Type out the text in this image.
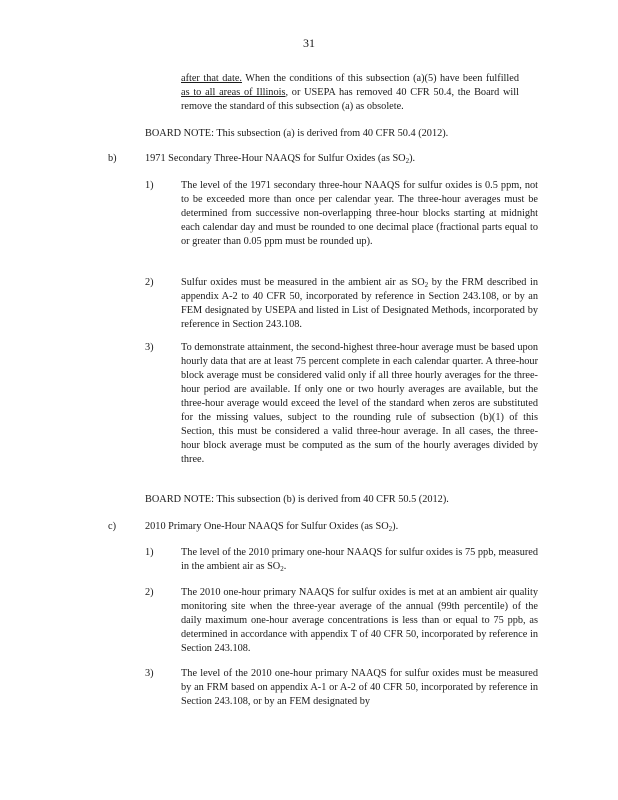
31
after that date. When the conditions of this subsection (a)(5) have been fulfilled as to all areas of Illinois, or USEPA has removed 40 CFR 50.4, the Board will remove the standard of this subsection (a) as obsolete.
BOARD NOTE: This subsection (a) is derived from 40 CFR 50.4 (2012).
b)	1971 Secondary Three-Hour NAAQS for Sulfur Oxides (as $SO_2$).
1)	The level of the 1971 secondary three-hour NAAQS for sulfur oxides is 0.5 ppm, not to be exceeded more than once per calendar year. The three-hour averages must be determined from successive non-overlapping three-hour blocks starting at midnight each calendar day and must be rounded to one decimal place (fractional parts equal to or greater than 0.05 ppm must be rounded up).
2)	Sulfur oxides must be measured in the ambient air as $SO_2$ by the FRM described in appendix A-2 to 40 CFR 50, incorporated by reference in Section 243.108, or by an FEM designated by USEPA and listed in List of Designated Methods, incorporated by reference in Section 243.108.
3)	To demonstrate attainment, the second-highest three-hour average must be based upon hourly data that are at least 75 percent complete in each calendar quarter. A three-hour block average must be considered valid only if all three hourly averages for the three-hour period are available. If only one or two hourly averages are available, but the three-hour average would exceed the level of the standard when zeros are substituted for the missing values, subject to the rounding rule of subsection (b)(1) of this Section, this must be considered a valid three-hour average. In all cases, the three-hour block average must be computed as the sum of the hourly averages divided by three.
BOARD NOTE: This subsection (b) is derived from 40 CFR 50.5 (2012).
c)	2010 Primary One-Hour NAAQS for Sulfur Oxides (as $SO_2$).
1)	The level of the 2010 primary one-hour NAAQS for sulfur oxides is 75 ppb, measured in the ambient air as $SO_2$.
2)	The 2010 one-hour primary NAAQS for sulfur oxides is met at an ambient air quality monitoring site when the three-year average of the annual (99th percentile) of the daily maximum one-hour average concentrations is less than or equal to 75 ppb, as determined in accordance with appendix T of 40 CFR 50, incorporated by reference in Section 243.108.
3)	The level of the 2010 one-hour primary NAAQS for sulfur oxides must be measured by an FRM based on appendix A-1 or A-2 of 40 CFR 50, incorporated by reference in Section 243.108, or by an FEM designated by
